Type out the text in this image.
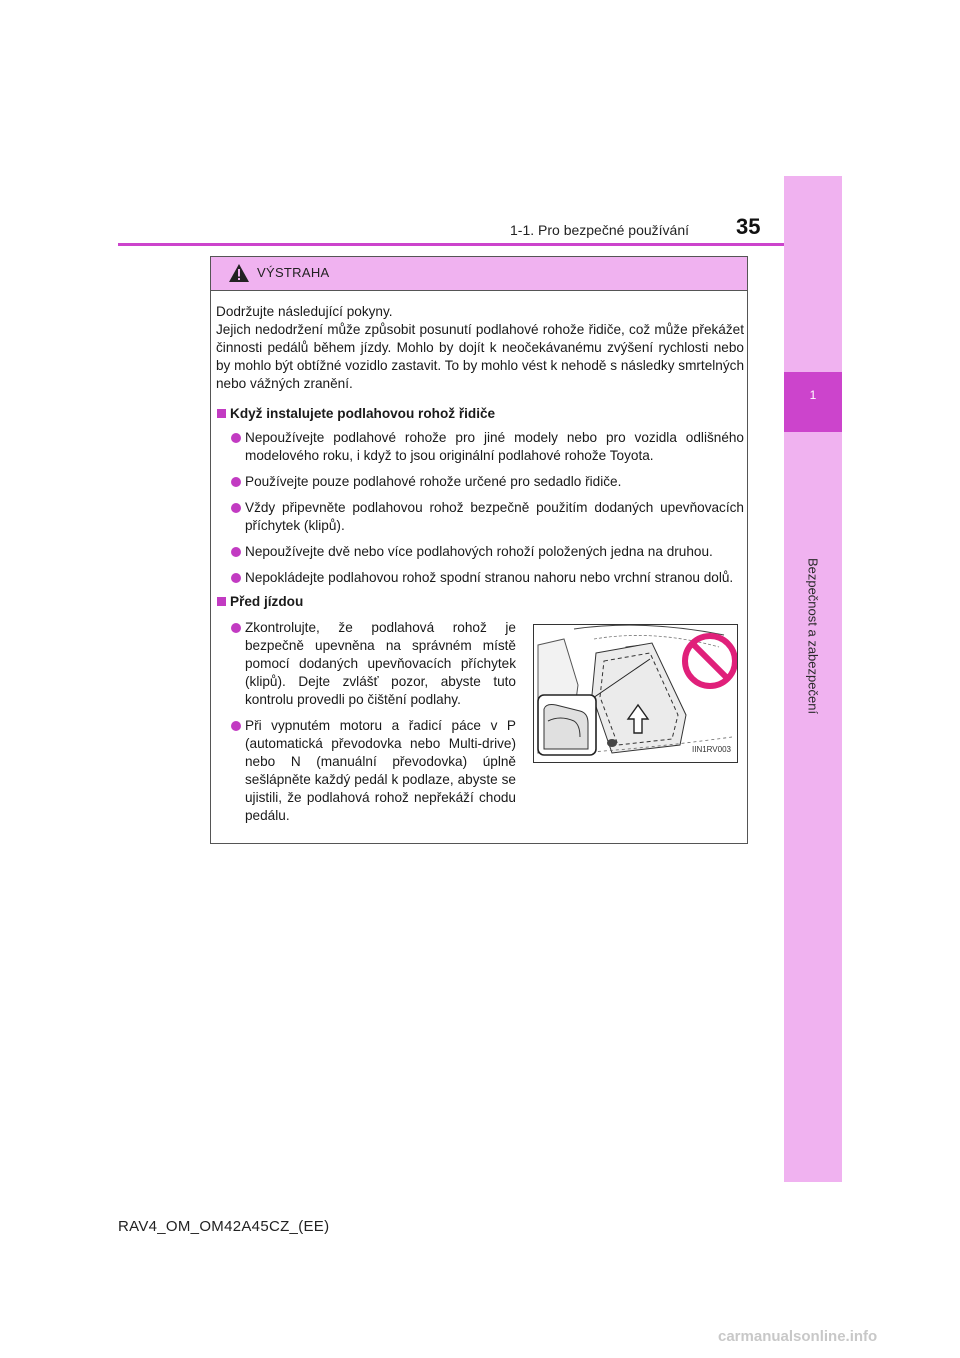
1
Bezpečnost a zabezpečení
1-1. Pro bezpečné používání 35
VÝSTRAHA
Dodržujte následující pokyny.
Jejich nedodržení může způsobit posunutí podlahové rohože řidiče, což může překážet činnosti pedálů během jízdy. Mohlo by dojít k neočekávanému zvýšení rychlosti nebo by mohlo být obtížné vozidlo zastavit. To by mohlo vést k nehodě s následky smrtelných nebo vážných zranění.
Když instalujete podlahovou rohož řidiče
Nepoužívejte podlahové rohože pro jiné modely nebo pro vozidla odlišného modelového roku, i když to jsou originální podlahové rohože Toyota.
Používejte pouze podlahové rohože určené pro sedadlo řidiče.
Vždy připevněte podlahovou rohož bezpečně použitím dodaných upevňovacích příchytek (klipů).
Nepoužívejte dvě nebo více podlahových rohoží položených jedna na druhou.
Nepokládejte podlahovou rohož spodní stranou nahoru nebo vrchní stranou dolů.
Před jízdou
Zkontrolujte, že podlahová rohož je bezpečně upevněna na správném místě pomocí dodaných upevňovacích příchytek (klipů). Dejte zvlášť pozor, abyste tuto kontrolu provedli po čištění podlahy.
Při vypnutém motoru a řadicí páce v P (automatická převodovka nebo Multi-drive) nebo N (manuální převodovka) úplně sešlápněte každý pedál k podlaze, abyste se ujistili, že podlahová rohož nepřekáží chodu pedálu.
IIN1RV003
RAV4_OM_OM42A45CZ_(EE)
carmanualsonline.info
